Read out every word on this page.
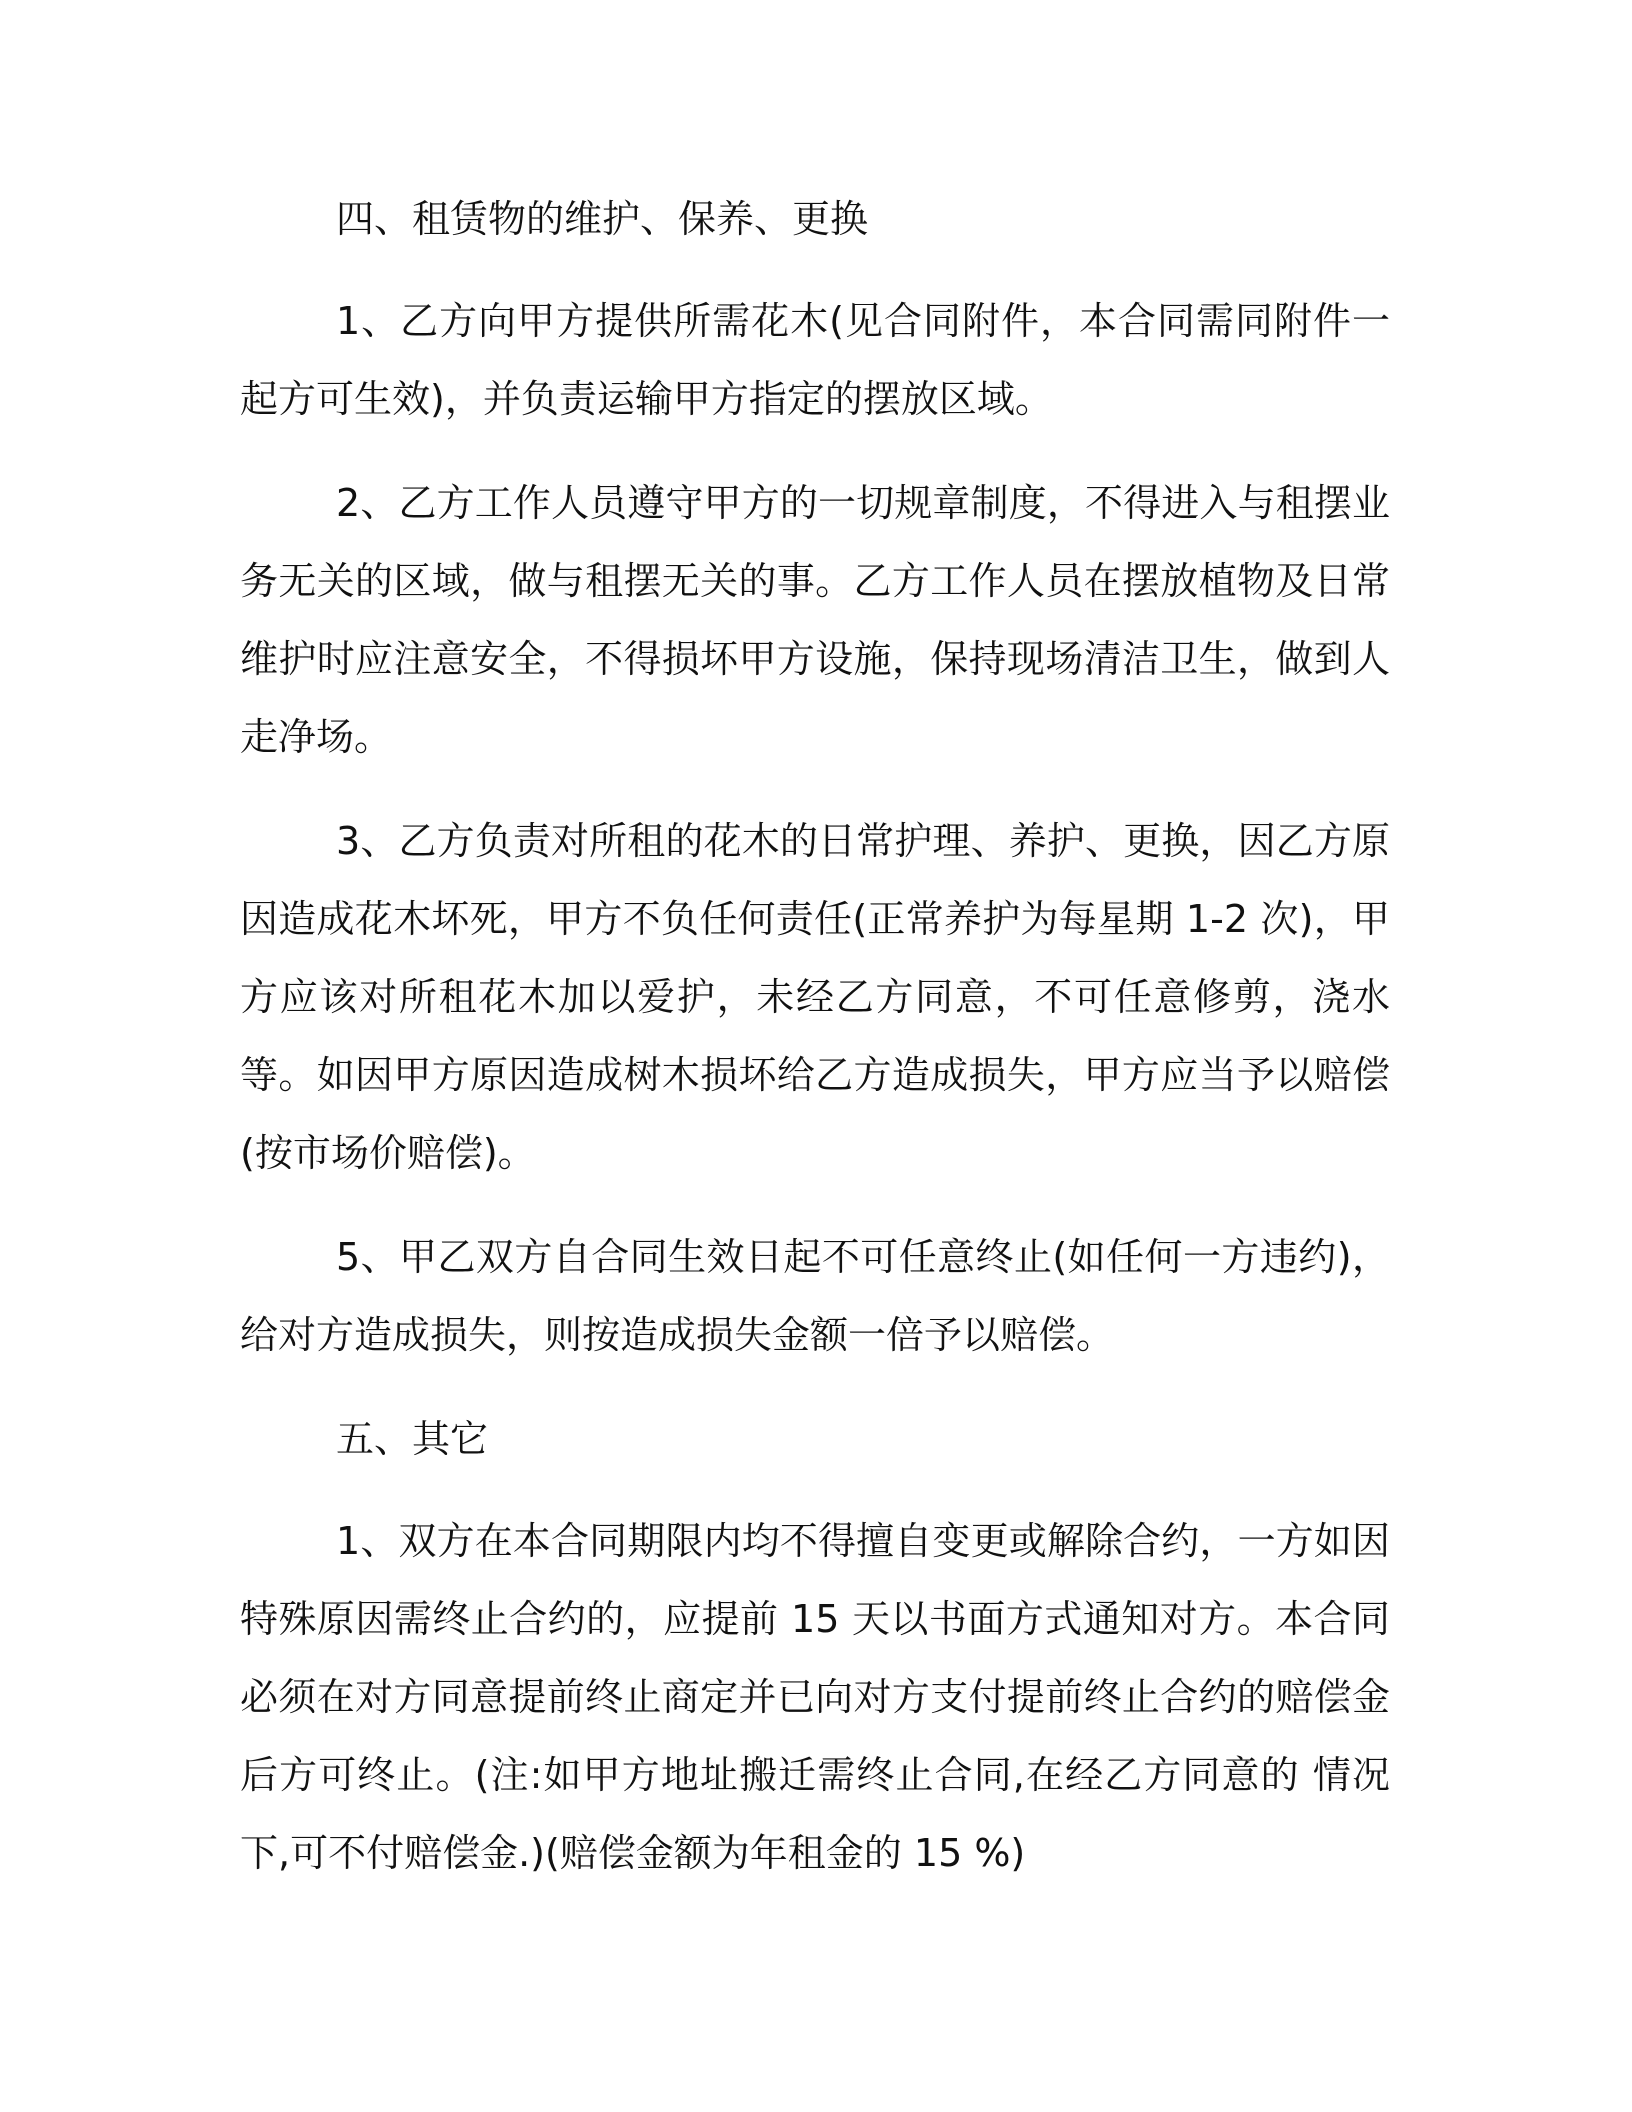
四、租赁物的维护、保养、更换

1、乙方向甲方提供所需花木(见合同附件，本合同需同附件一起方可生效)，并负责运输甲方指定的摆放区域。

2、乙方工作人员遵守甲方的一切规章制度，不得进入与租摆业务无关的区域，做与租摆无关的事。乙方工作人员在摆放植物及日常维护时应注意安全，不得损坏甲方设施，保持现场清洁卫生，做到人走净场。

3、乙方负责对所租的花木的日常护理、养护、更换，因乙方原因造成花木坏死，甲方不负任何责任(正常养护为每星期 1-2 次)，甲方应该对所租花木加以爱护，未经乙方同意，不可任意修剪，浇水等。如因甲方原因造成树木损坏给乙方造成损失，甲方应当予以赔偿(按市场价赔偿)。

5、甲乙双方自合同生效日起不可任意终止(如任何一方违约)，给对方造成损失，则按造成损失金额一倍予以赔偿。

五、其它

1、双方在本合同期限内均不得擅自变更或解除合约，一方如因特殊原因需终止合约的，应提前 15 天以书面方式通知对方。本合同必须在对方同意提前终止商定并已向对方支付提前终止合约的赔偿金后方可终止。(注:如甲方地址搬迁需终止合同,在经乙方同意的 情况下,可不付赔偿金.)(赔偿金额为年租金的 15 %)
